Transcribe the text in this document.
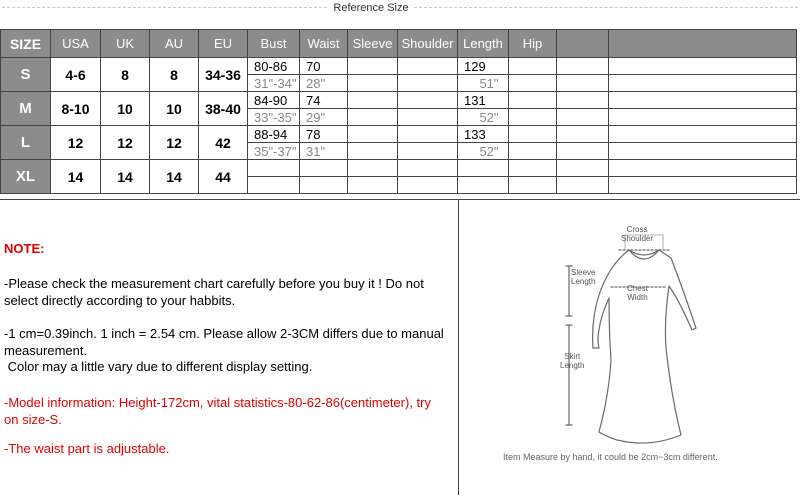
Reference Size
SIZE	USA	UK	AU	EU	Bust	Waist	Sleeve	Shoulder	Length	Hip		
S	4-6	8	8	34-36	80-86	70			129			
					31"-34"	28"			51"			
M	8-10	10	10	38-40	84-90	74			131			
					33"-35"	29"			52"			
L	12	12	12	42	88-94	78			133			
					35"-37"	31"			52"			
XL	14	14	14	44								

NOTE:

-Please check the measurement chart carefully before you buy it ! Do not select directly according to your habbits.

-1 cm=0.39inch. 1 inch = 2.54 cm. Please allow 2-3CM differs due to manual measurement.

Color may a little vary due to different display setting.

-Model information: Height-172cm, vital statistics-80-62-86(centimeter), try on size-S.

-The waist part is adjustable.

Cross
Shoulder
Sleeve
Length
Chest
Width
Skirt
Length
Item Measure by hand, it could be 2cm~3cm different.
